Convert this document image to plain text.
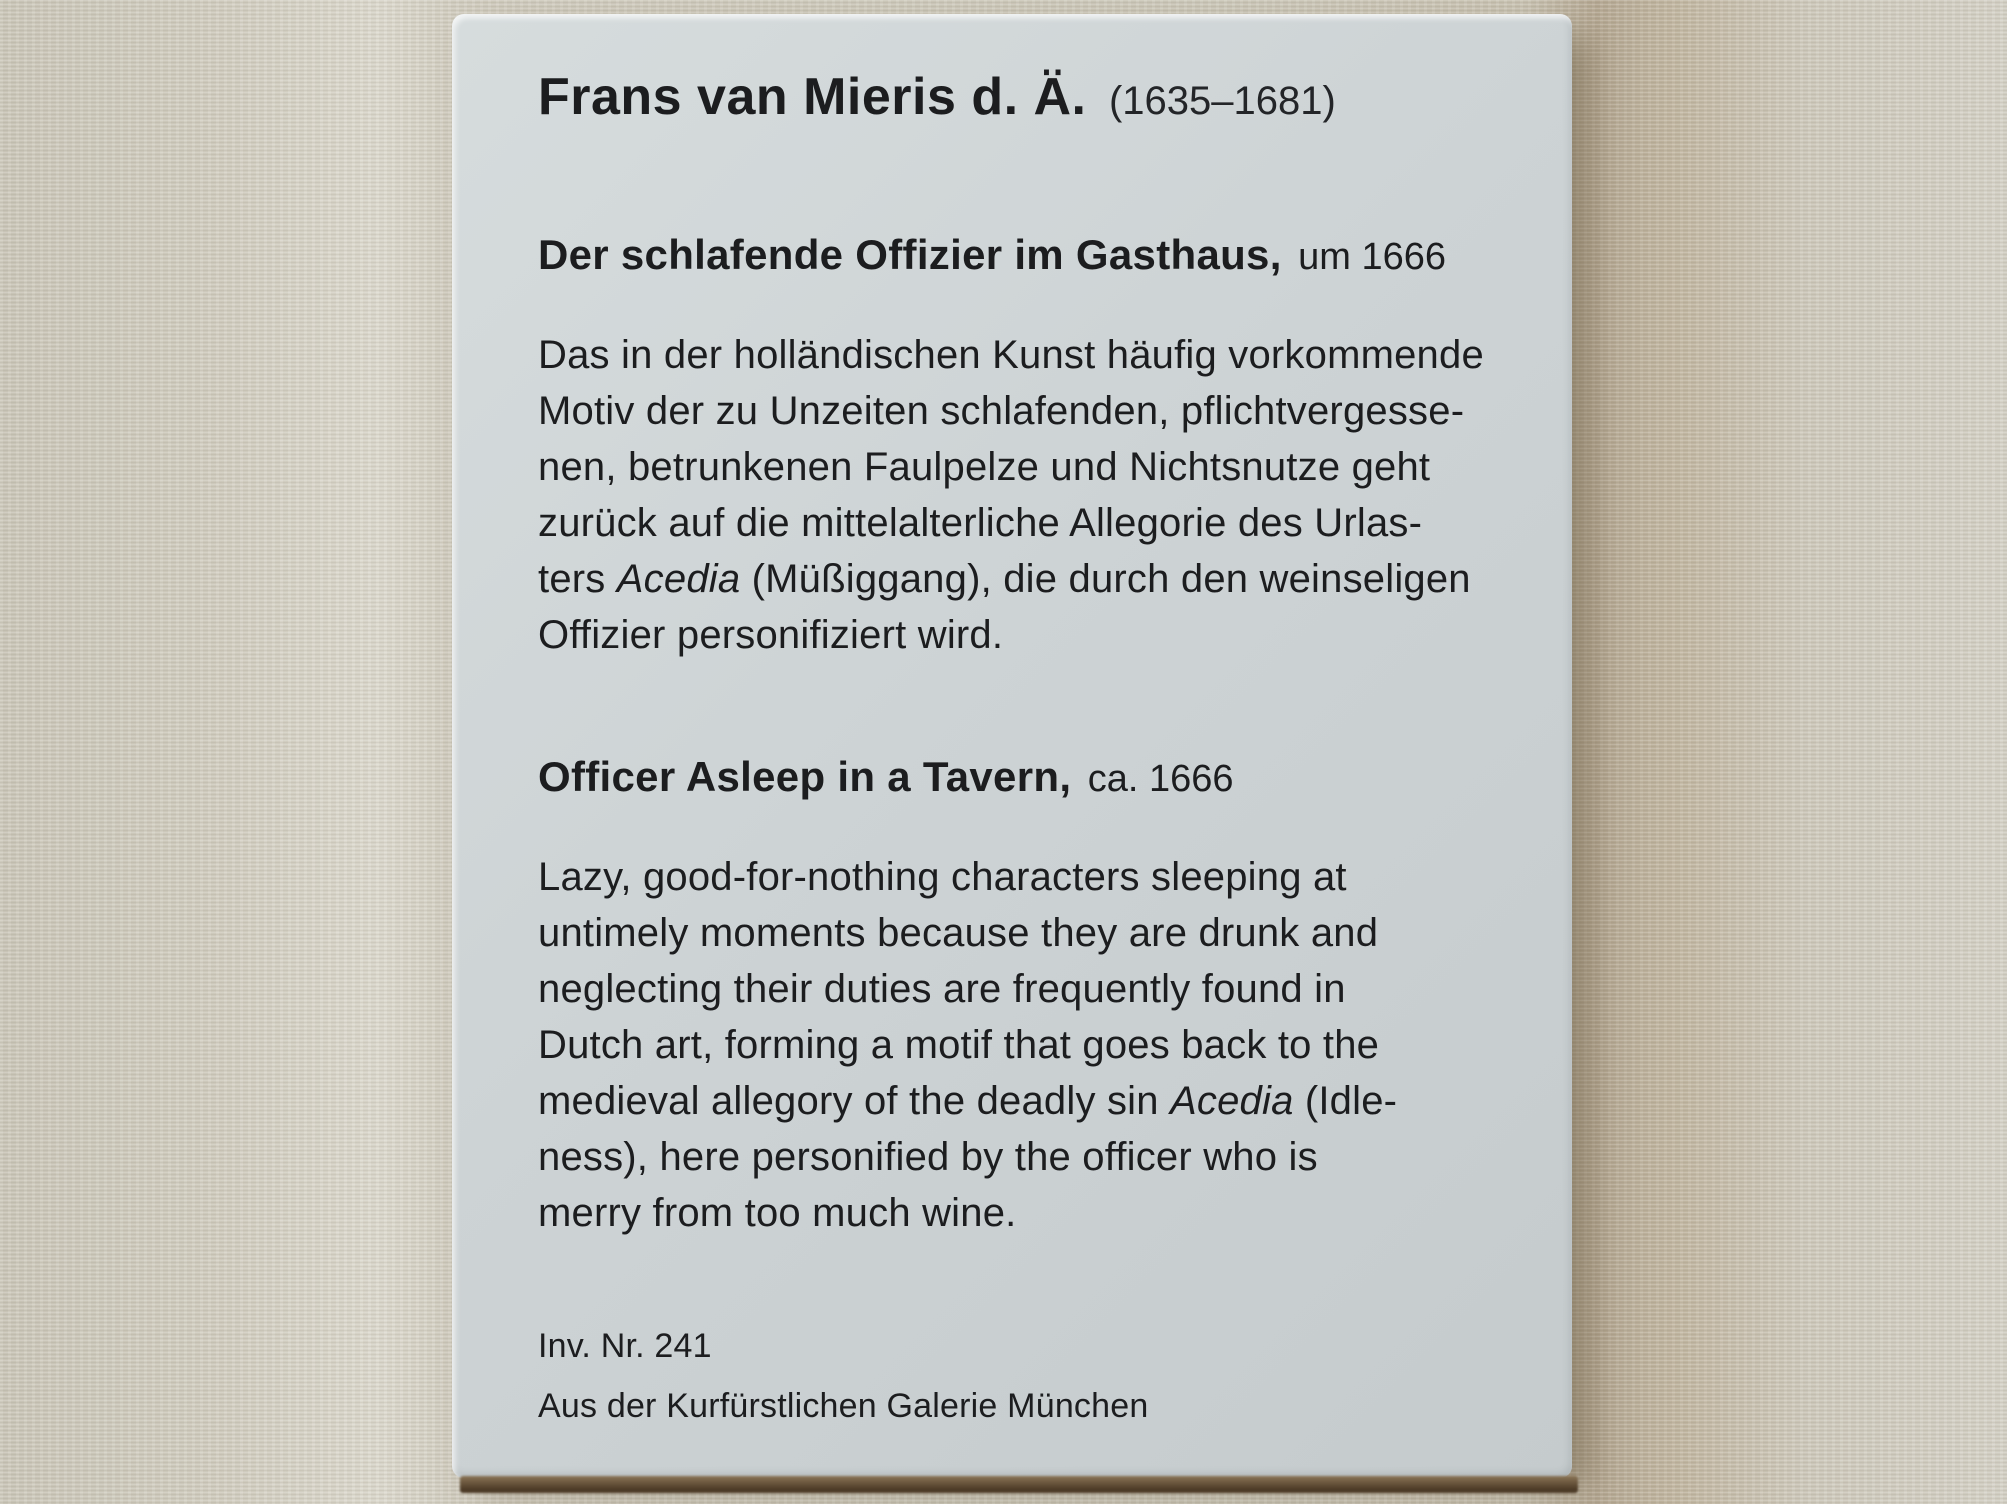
Frans van Mieris d. Ä. (1635–1681)
Der schlafende Offizier im Gasthaus, um 1666
Das in der holländischen Kunst häufig vorkommende
Motiv der zu Unzeiten schlafenden, pflichtvergesse-
nen, betrunkenen Faulpelze und Nichtsnutze geht
zurück auf die mittelalterliche Allegorie des Urlas-
ters Acedia (Müßiggang), die durch den weinseligen
Offizier personifiziert wird.
Officer Asleep in a Tavern, ca. 1666
Lazy, good-for-nothing characters sleeping at
untimely moments because they are drunk and
neglecting their duties are frequently found in
Dutch art, forming a motif that goes back to the
medieval allegory of the deadly sin Acedia (Idle-
ness), here personified by the officer who is
merry from too much wine.
Inv. Nr. 241
Aus der Kurfürstlichen Galerie München
